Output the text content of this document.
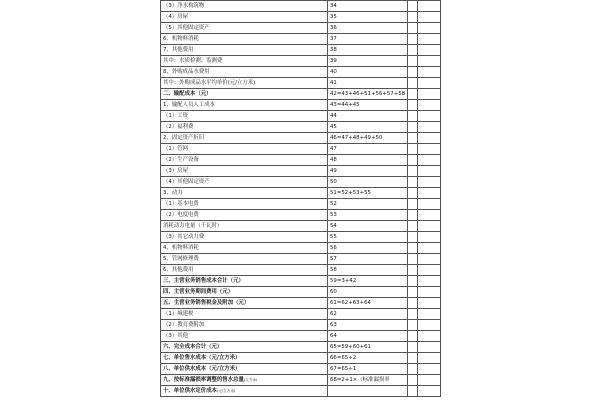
（3）净水构筑物	34		
（4）房屋	35		
（5）其他固定资产	36		
6、机物料消耗	37		
7、其他费用	38		
其中：水质检测、监测费	39		
8、外购成品水费用	40		
其中：外购成品水平均单价(元/立方米)	41		
二、输配成本（元）	42=43+46+51+56+57+58		
1、输配人员人工成本	43=44+45		
（1）工资	44		
（2）福利费	45		
2、固定资产折旧	46=47+48+49+50		
（1）管网	47		
（2）生产设备	48		
（3）房屋	49		
（4）其他固定资产	50		
3、动力	51=52+53+55		
（1）基本电费	52		
（2）电度电费	53		
消耗动力电量（千瓦时）	54		
（3）其它动力费	55		
4、机物料消耗	56		
5、管网修理费	57		
6、其他费用	58		
三、主营业务销售成本合计（元）	59=3+42		
四、主营业务期间费用（元）	60		
五、主营业务销售税金及附加（元）	61=62+63+64		
（1）城建税	62		
（2）教育费附加	63		
（3）其他	64		
六、完全成本合计（元）	65=59+60+61		
七、单位售水成本（元/立方米）	66=65÷2		
八、单位供水成本（元/立方米）	67=65÷1		
九、按标准漏损率调整的售水总量(立方米)	68=2+1×（标准漏损率		
十、单位供水定价成本(元/立方米)			
